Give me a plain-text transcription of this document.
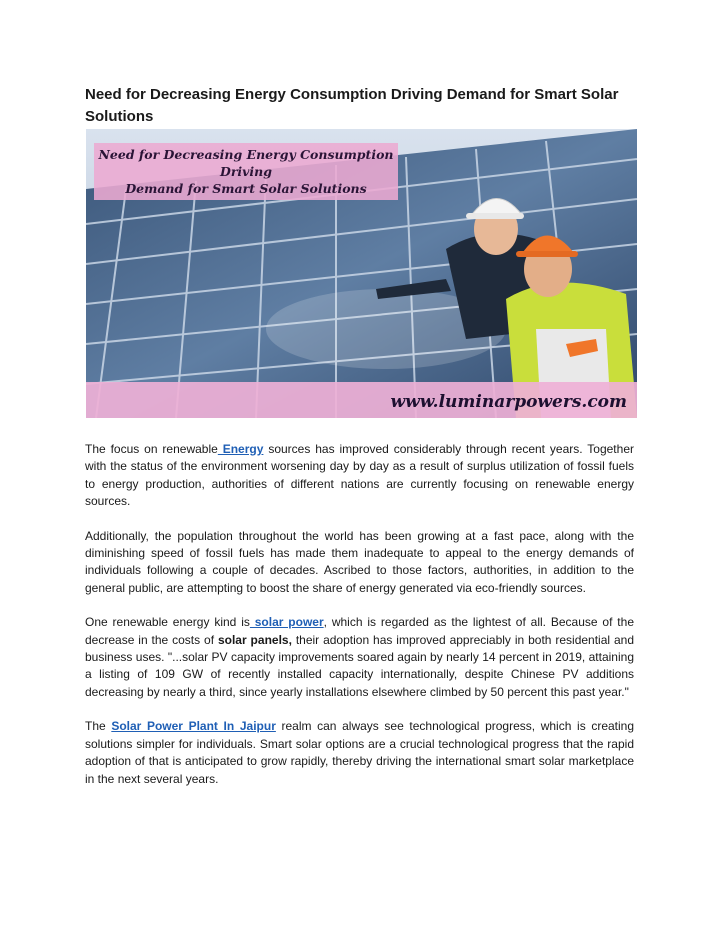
Need for Decreasing Energy Consumption Driving Demand for Smart Solar Solutions
Need for Decreasing Energy Consumption Driving
Demand for Smart Solar Solutions
www.luminarpowers.com

The focus on renewable Energy sources has improved considerably through recent years. Together with the status of the environment worsening day by day as a result of surplus utilization of fossil fuels to energy production, authorities of different nations are currently focusing on renewable energy sources.

Additionally, the population throughout the world has been growing at a fast pace, along with the diminishing speed of fossil fuels has made them inadequate to appeal to the energy demands of individuals following a couple of decades. Ascribed to those factors, authorities, in addition to the general public, are attempting to boost the share of energy generated via eco-friendly sources.

One renewable energy kind is solar power, which is regarded as the lightest of all. Because of the decrease in the costs of solar panels, their adoption has improved appreciably in both residential and business uses. "...solar PV capacity improvements soared again by nearly 14 percent in 2019, attaining a listing of 109 GW of recently installed capacity internationally, despite Chinese PV additions decreasing by nearly a third, since yearly installations elsewhere climbed by 50 percent this past year."

The Solar Power Plant In Jaipur realm can always see technological progress, which is creating solutions simpler for individuals. Smart solar options are a crucial technological progress that the rapid adoption of that is anticipated to grow rapidly, thereby driving the international smart solar marketplace in the next several years.
